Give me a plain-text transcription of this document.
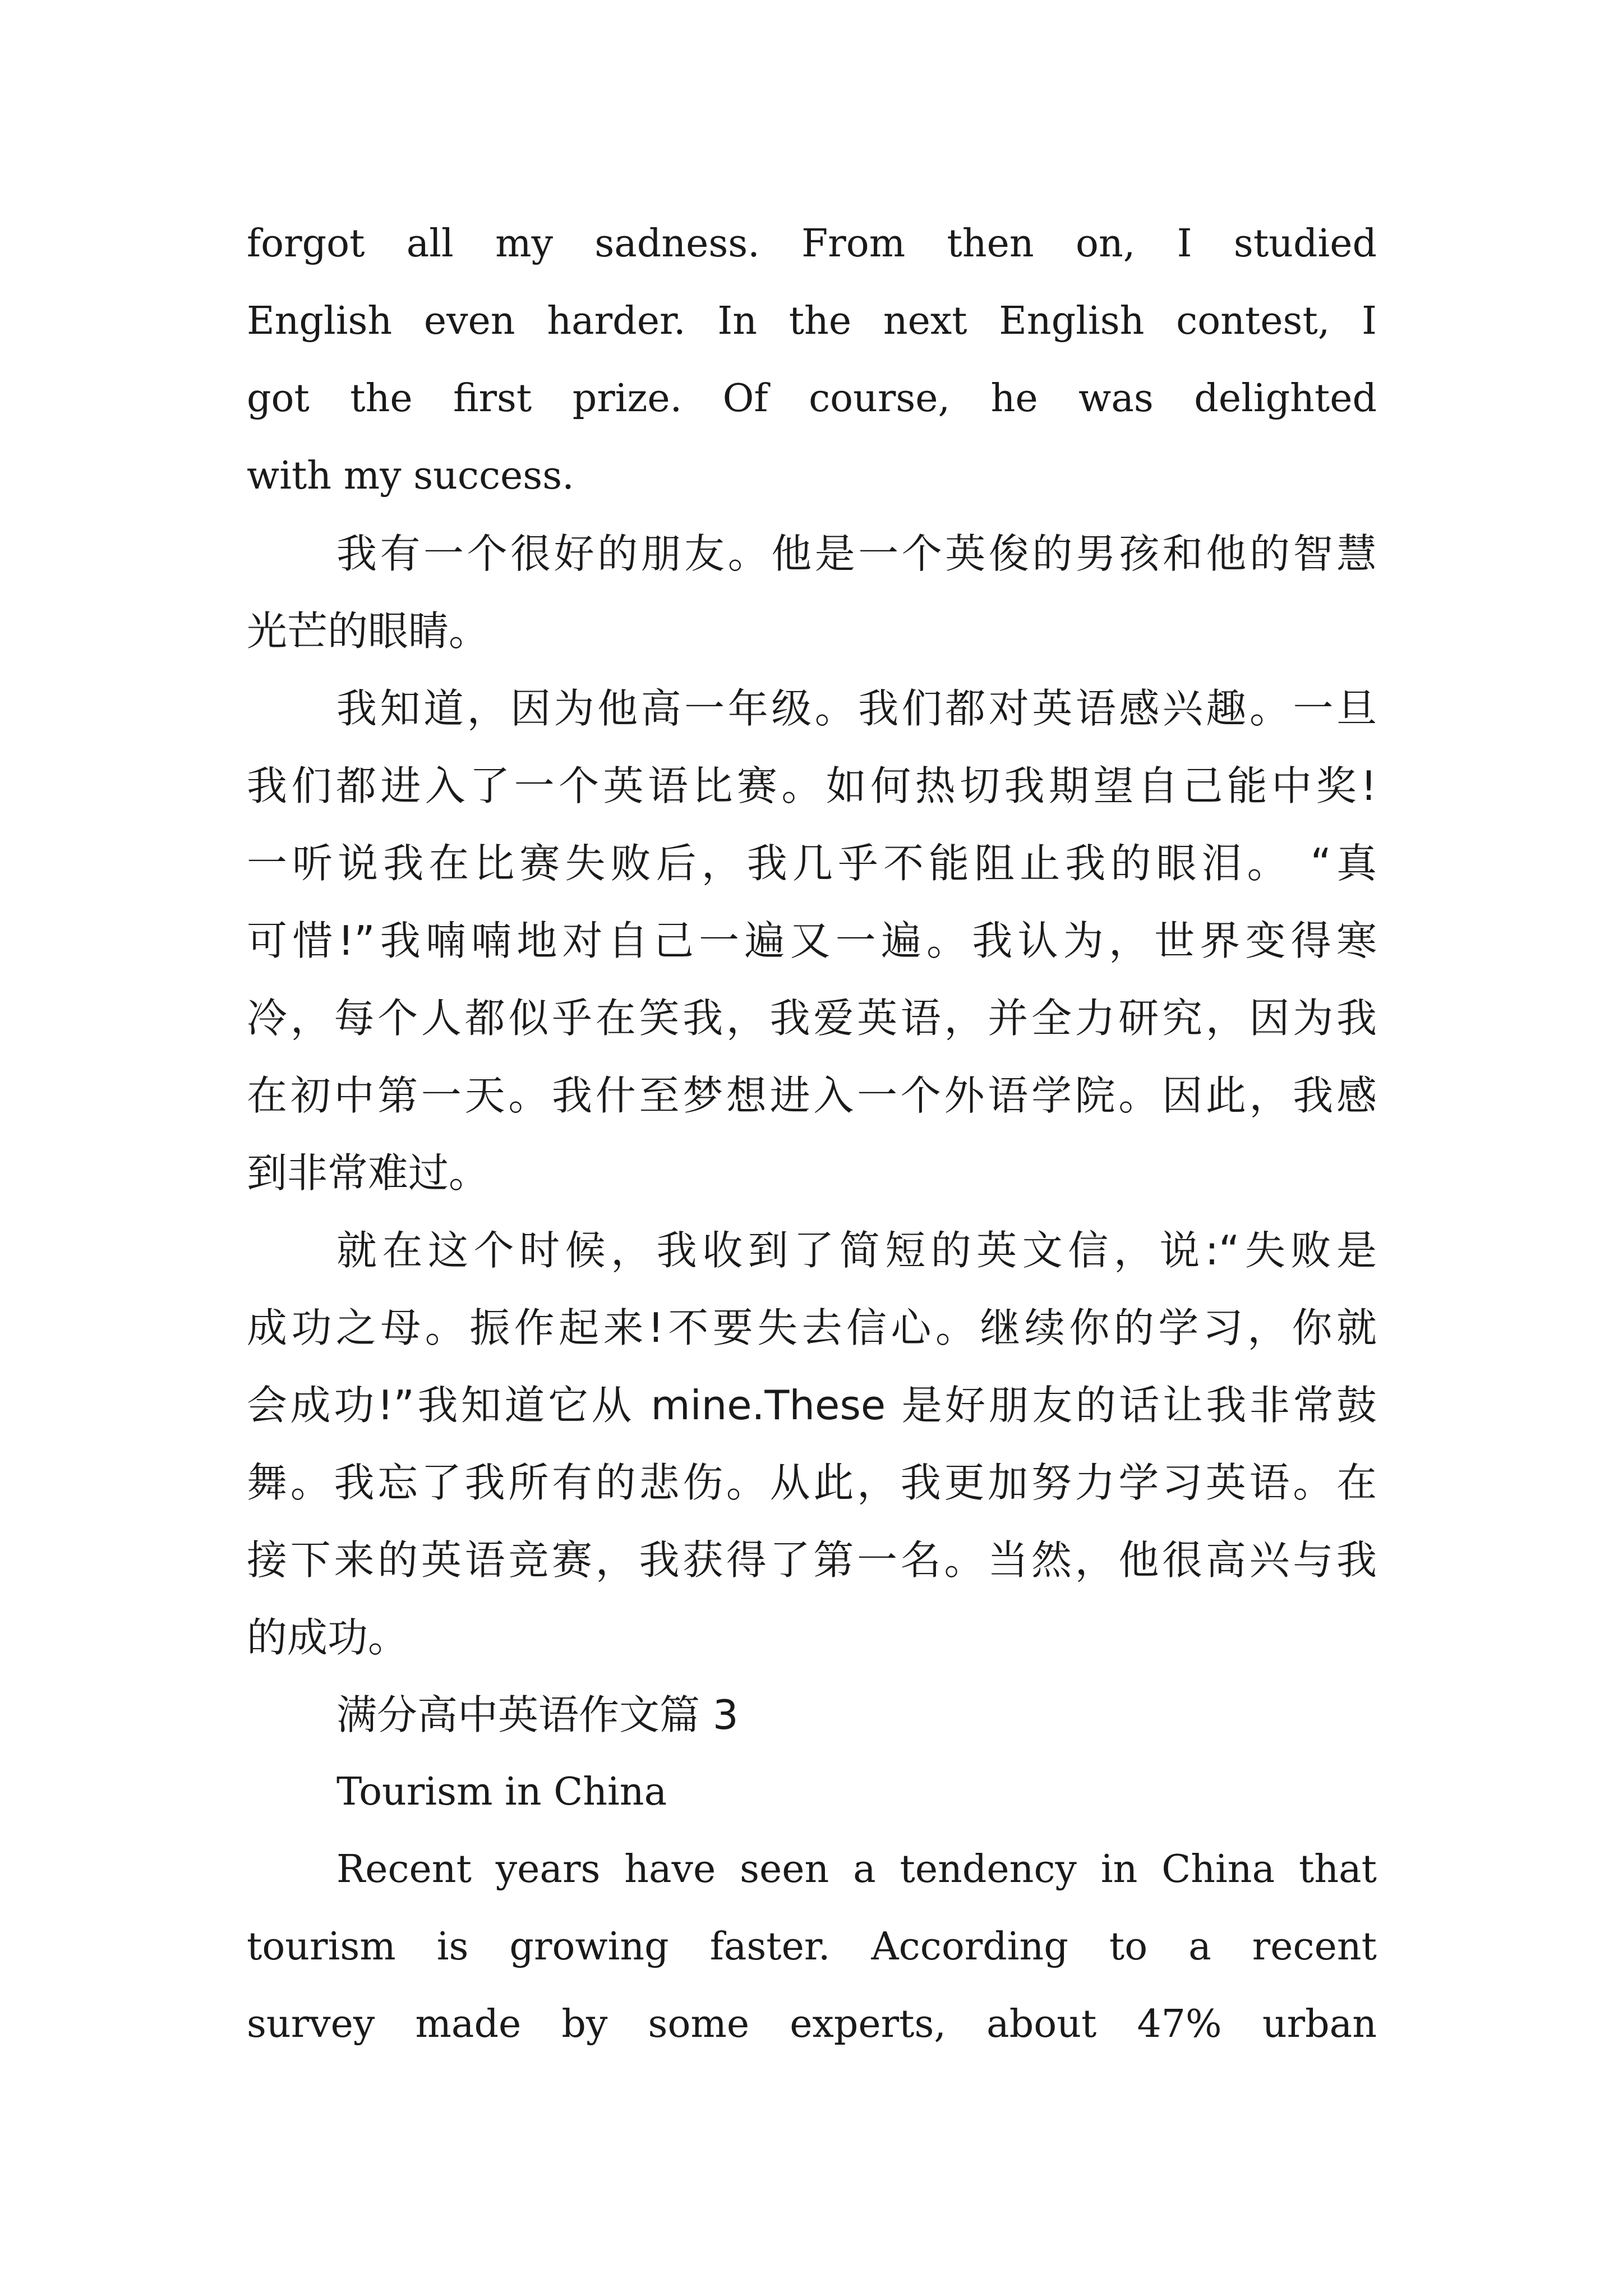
forgot all my sadness. From then on, I studied
English even harder. In the next English contest, I
got the first prize. Of course, he was delighted
with my success.
我有一个很好的朋友。他是一个英俊的男孩和他的智慧
光芒的眼睛。
我知道，因为他高一年级。我们都对英语感兴趣。一旦
我们都进入了一个英语比赛。如何热切我期望自己能中奖!
一听说我在比赛失败后，我几乎不能阻止我的眼泪。 “真
可惜!”我喃喃地对自己一遍又一遍。我认为，世界变得寒
冷，每个人都似乎在笑我，我爱英语，并全力研究，因为我
在初中第一天。我什至梦想进入一个外语学院。因此，我感
到非常难过。
就在这个时候，我收到了简短的英文信，说:“失败是
成功之母。振作起来!不要失去信心。继续你的学习，你就
会成功!”我知道它从 mine.These 是好朋友的话让我非常鼓
舞。我忘了我所有的悲伤。从此，我更加努力学习英语。在
接下来的英语竞赛，我获得了第一名。当然，他很高兴与我
的成功。
满分高中英语作文篇 3
Tourism in China
Recent years have seen a tendency in China that
tourism is growing faster. According to a recent
survey made by some experts, about 47% urban
